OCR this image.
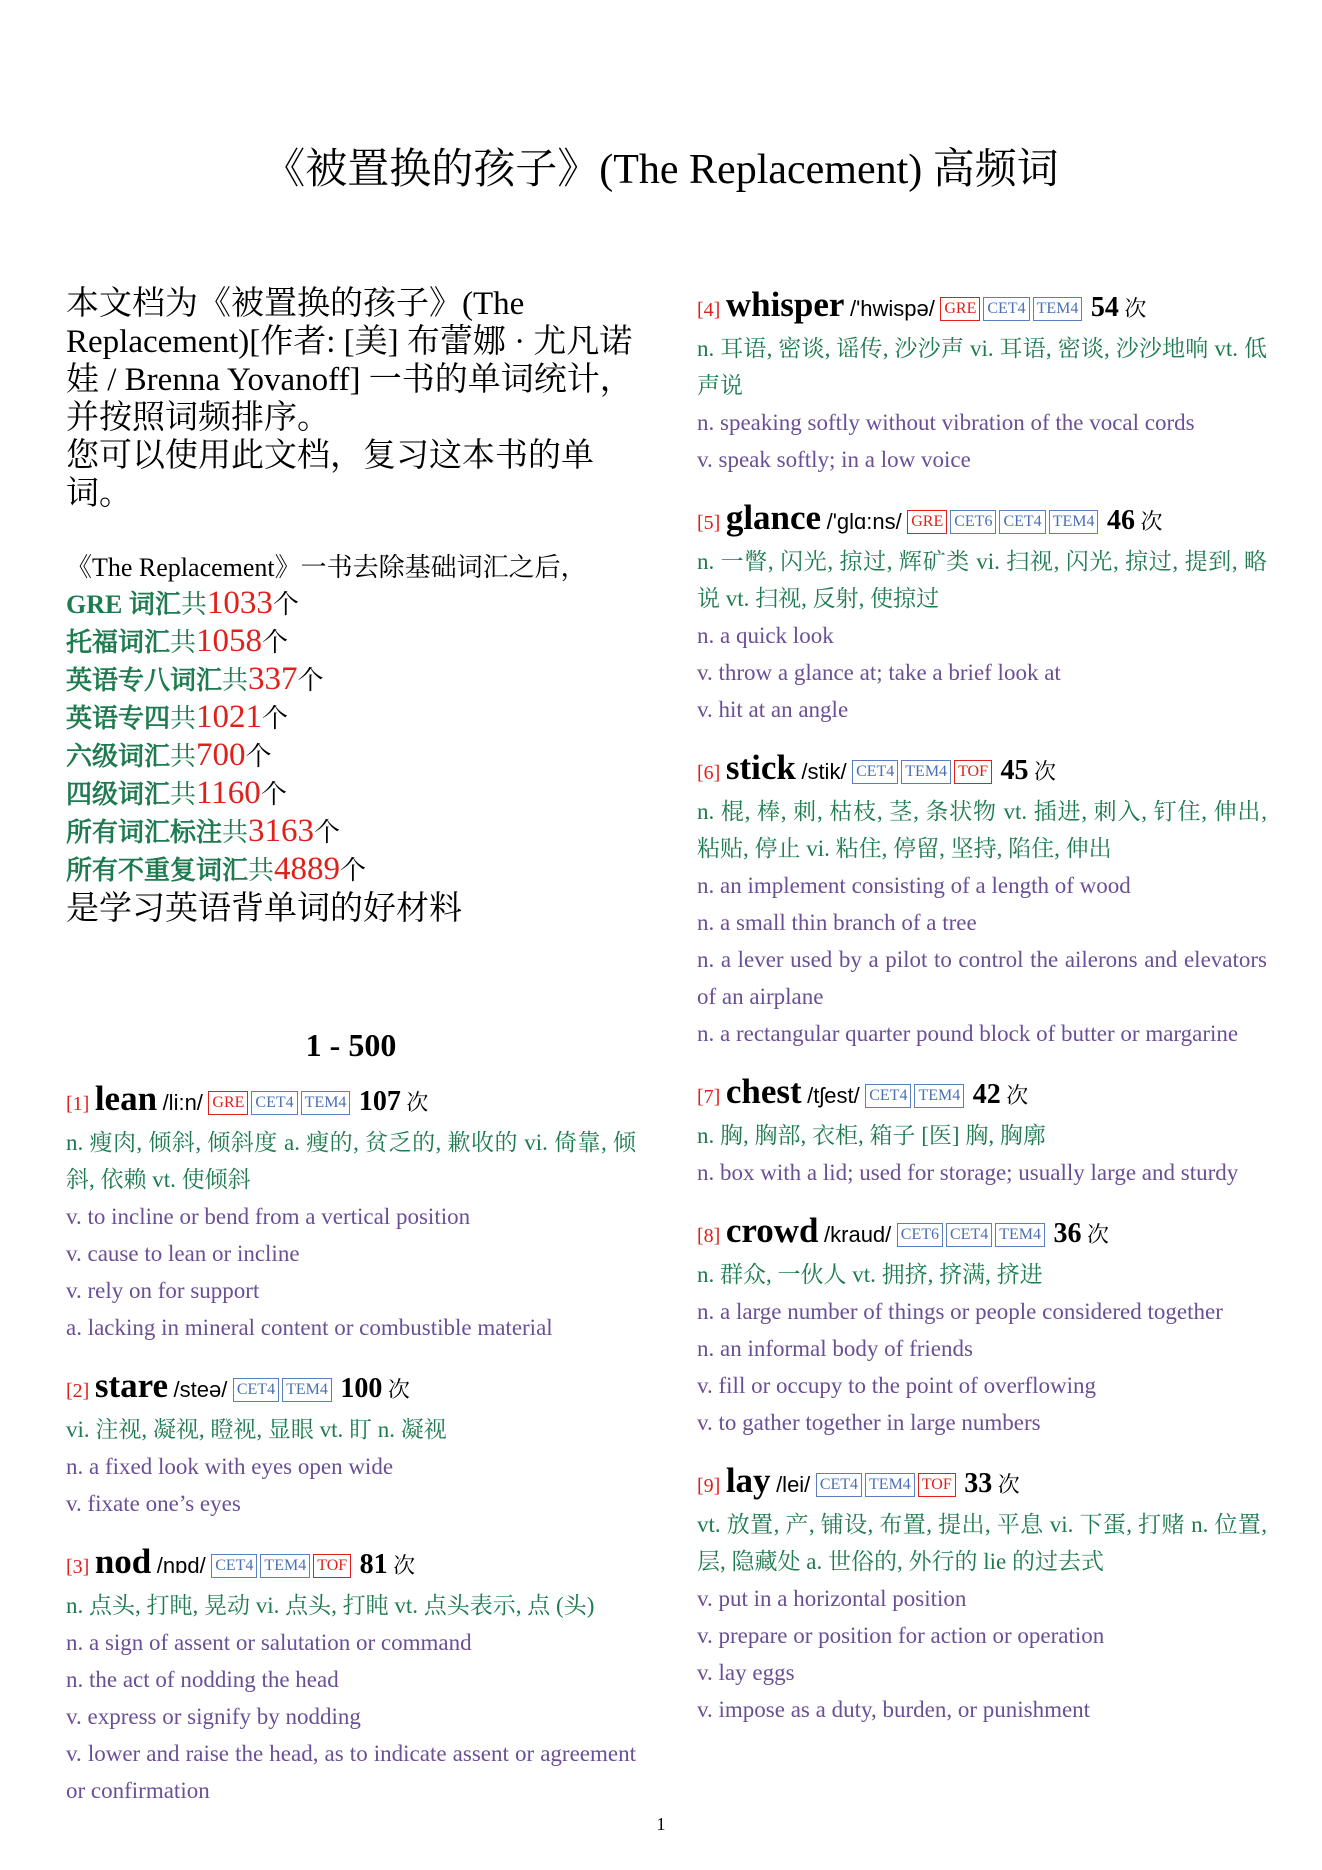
《被置换的孩子》(The Replacement) 高频词

本文档为《被置换的孩子》(The Replacement)[作者: [美] 布蕾娜 · 尤凡诺娃 / Brenna Yovanoff] 一书的单词统计，并按照词频排序。

您可以使用此文档，复习这本书的单词。

《The Replacement》一书去除基础词汇之后，
GRE 词汇共1033个
托福词汇共1058个
英语专八词汇共337个
英语专四共1021个
六级词汇共700个
四级词汇共1160个
所有词汇标注共3163个
所有不重复词汇共4889个
是学习英语背单词的好材料
1 - 500
[1] lean /li:n/ GRE CET4 TEM4 107 次
n. 瘦肉, 倾斜, 倾斜度 a. 瘦的, 贫乏的, 歉收的 vi. 倚靠, 倾斜, 依赖 vt. 使倾斜
v. to incline or bend from a vertical position
v. cause to lean or incline
v. rely on for support
a. lacking in mineral content or combustible material
[2] stare /steə/ CET4 TEM4 100 次
vi. 注视, 凝视, 瞪视, 显眼 vt. 盯 n. 凝视
n. a fixed look with eyes open wide
v. fixate one’s eyes
[3] nod /nɒd/ CET4 TEM4 TOF 81 次
n. 点头, 打盹, 晃动 vi. 点头, 打盹 vt. 点头表示, 点 (头)
n. a sign of assent or salutation or command
n. the act of nodding the head
v. express or signify by nodding
v. lower and raise the head, as to indicate assent or agreement or confirmation
[4] whisper /'hwispə/ GRE CET4 TEM4 54 次
n. 耳语, 密谈, 谣传, 沙沙声 vi. 耳语, 密谈, 沙沙地响 vt. 低声说
n. speaking softly without vibration of the vocal cords
v. speak softly; in a low voice
[5] glance /'glɑ:ns/ GRE CET6 CET4 TEM4 46 次
n. 一瞥, 闪光, 掠过, 辉矿类 vi. 扫视, 闪光, 掠过, 提到, 略说 vt. 扫视, 反射, 使掠过
n. a quick look
v. throw a glance at; take a brief look at
v. hit at an angle
[6] stick /stik/ CET4 TEM4 TOF 45 次
n. 棍, 棒, 刺, 枯枝, 茎, 条状物 vt. 插进, 刺入, 钉住, 伸出, 粘贴, 停止 vi. 粘住, 停留, 坚持, 陷住, 伸出
n. an implement consisting of a length of wood
n. a small thin branch of a tree
n. a lever used by a pilot to control the ailerons and elevators of an airplane
n. a rectangular quarter pound block of butter or margarine
[7] chest /tʃest/ CET4 TEM4 42 次
n. 胸, 胸部, 衣柜, 箱子 [医] 胸, 胸廓
n. box with a lid; used for storage; usually large and sturdy
[8] crowd /kraud/ CET6 CET4 TEM4 36 次
n. 群众, 一伙人 vt. 拥挤, 挤满, 挤进
n. a large number of things or people considered together
n. an informal body of friends
v. fill or occupy to the point of overflowing
v. to gather together in large numbers
[9] lay /lei/ CET4 TEM4 TOF 33 次
vt. 放置, 产, 铺设, 布置, 提出, 平息 vi. 下蛋, 打赌 n. 位置, 层, 隐藏处 a. 世俗的, 外行的 lie 的过去式
v. put in a horizontal position
v. prepare or position for action or operation
v. lay eggs
v. impose as a duty, burden, or punishment
1
